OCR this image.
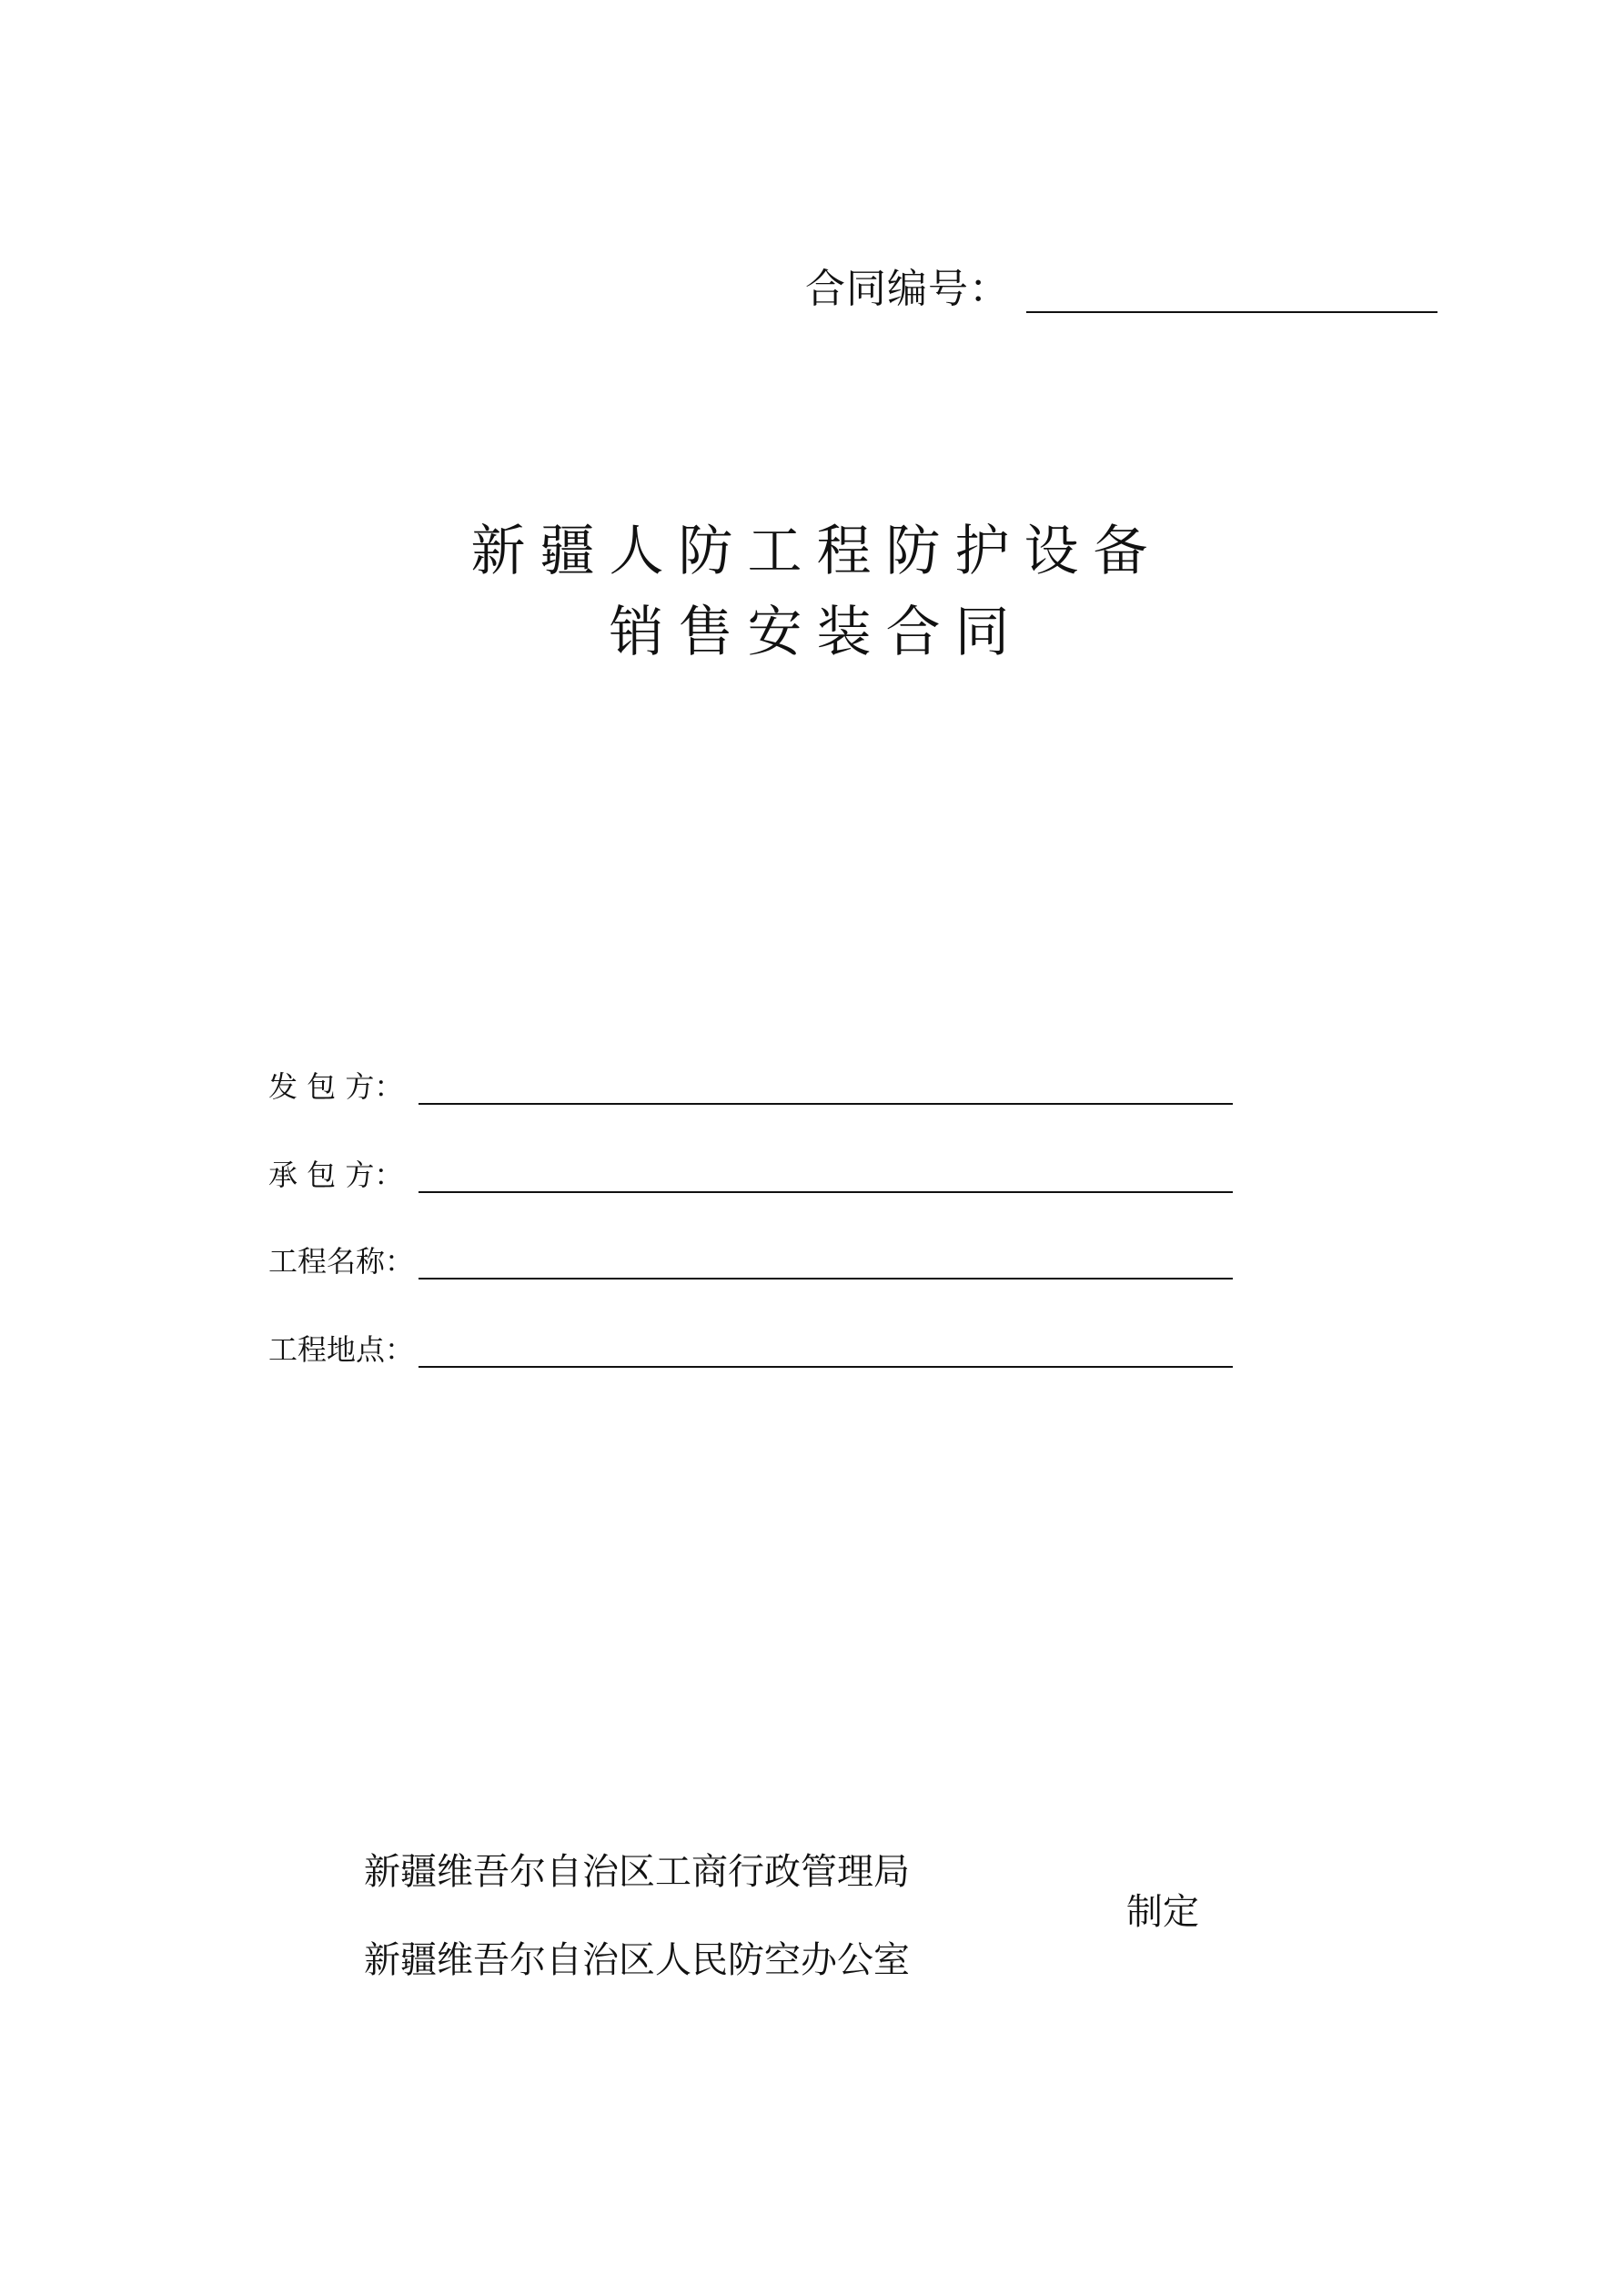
合同编号：
新疆人防工程防护设备
销售安装合同
发 包 方：
承 包 方：
工程名称：
工程地点：
新疆维吾尔自治区工商行政管理局
新疆维吾尔自治区人民防空办公室
制定
